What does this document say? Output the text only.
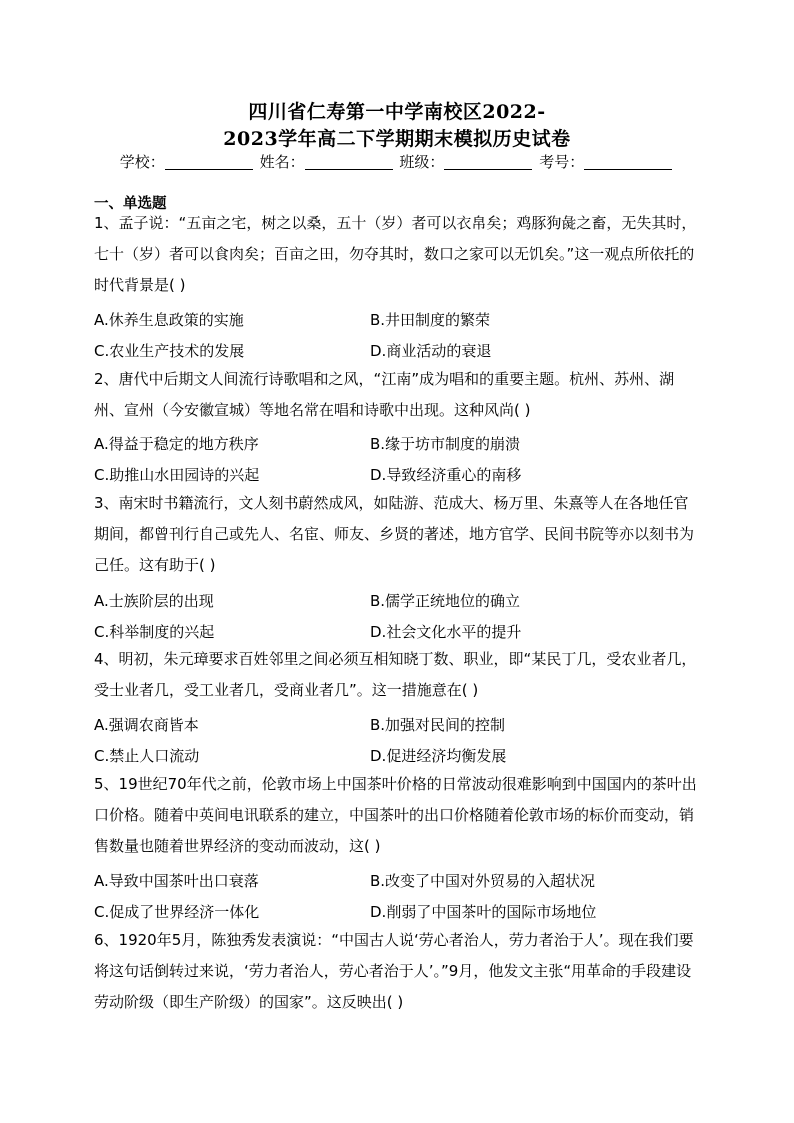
四川省仁寿第一中学南校区2022-
2023学年高二下学期期末模拟历史试卷
学校：	姓名：	班级：	考号：
一、单选题
1、孟子说：“五亩之宅，树之以桑，五十（岁）者可以衣帛矣；鸡豚狗彘之畜，无失其时，七十（岁）者可以食肉矣；百亩之田，勿夺其时，数口之家可以无饥矣。”这一观点所依托的时代背景是( )
A.休养生息政策的实施	B.井田制度的繁荣
C.农业生产技术的发展	D.商业活动的衰退
2、唐代中后期文人间流行诗歌唱和之风，“江南”成为唱和的重要主题。杭州、苏州、湖州、宣州（今安徽宣城）等地名常在唱和诗歌中出现。这种风尚( )
A.得益于稳定的地方秩序	B.缘于坊市制度的崩溃
C.助推山水田园诗的兴起	D.导致经济重心的南移
3、南宋时书籍流行，文人刻书蔚然成风，如陆游、范成大、杨万里、朱熹等人在各地任官期间，都曾刊行自己或先人、名宦、师友、乡贤的著述，地方官学、民间书院等亦以刻书为己任。这有助于( )
A.士族阶层的出现	B.儒学正统地位的确立
C.科举制度的兴起	D.社会文化水平的提升
4、明初，朱元璋要求百姓邻里之间必须互相知晓丁数、职业，即“某民丁几，受农业者几，受士业者几，受工业者几，受商业者几”。这一措施意在( )
A.强调农商皆本	B.加强对民间的控制
C.禁止人口流动	D.促进经济均衡发展
5、19世纪70年代之前，伦敦市场上中国茶叶价格的日常波动很难影响到中国国内的茶叶出口价格。随着中英间电讯联系的建立，中国茶叶的出口价格随着伦敦市场的标价而变动，销售数量也随着世界经济的变动而波动，这( )
A.导致中国茶叶出口衰落	B.改变了中国对外贸易的入超状况
C.促成了世界经济一体化	D.削弱了中国茶叶的国际市场地位
6、1920年5月，陈独秀发表演说：“中国古人说‘劳心者治人，劳力者治于人’。现在我们要将这句话倒转过来说，‘劳力者治人，劳心者治于人’。”9月，他发文主张“用革命的手段建设劳动阶级（即生产阶级）的国家”。这反映出( )
